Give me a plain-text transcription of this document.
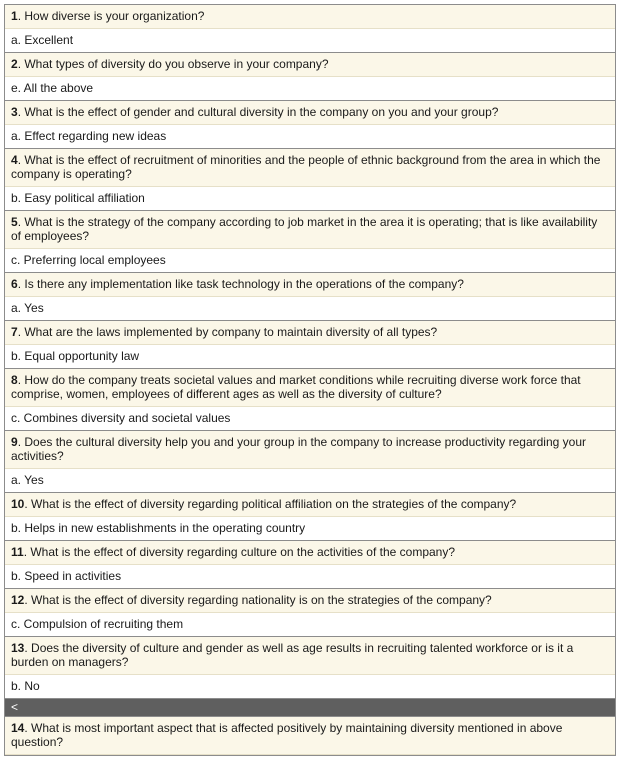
1. How diverse is your organization?
a. Excellent
2. What types of diversity do you observe in your company?
e. All the above
3. What is the effect of gender and cultural diversity in the company on you and your group?
a. Effect regarding new ideas
4. What is the effect of recruitment of minorities and the people of ethnic background from the area in which the company is operating?
b. Easy political affiliation
5. What is the strategy of the company according to job market in the area it is operating; that is like availability of employees?
c. Preferring local employees
6. Is there any implementation like task technology in the operations of the company?
a. Yes
7. What are the laws implemented by company to maintain diversity of all types?
b. Equal opportunity law
8. How do the company treats societal values and market conditions while recruiting diverse work force that comprise, women, employees of different ages as well as the diversity of culture?
c. Combines diversity and societal values
9. Does the cultural diversity help you and your group in the company to increase productivity regarding your activities?
a. Yes
10. What is the effect of diversity regarding political affiliation on the strategies of the company?
b. Helps in new establishments in the operating country
11. What is the effect of diversity regarding culture on the activities of the company?
b. Speed in activities
12. What is the effect of diversity regarding nationality is on the strategies of the company?
c. Compulsion of recruiting them
13. Does the diversity of culture and gender as well as age results in recruiting talented workforce or is it a burden on managers?
b. No
<
14. What is most important aspect that is affected positively by maintaining diversity mentioned in above question?
